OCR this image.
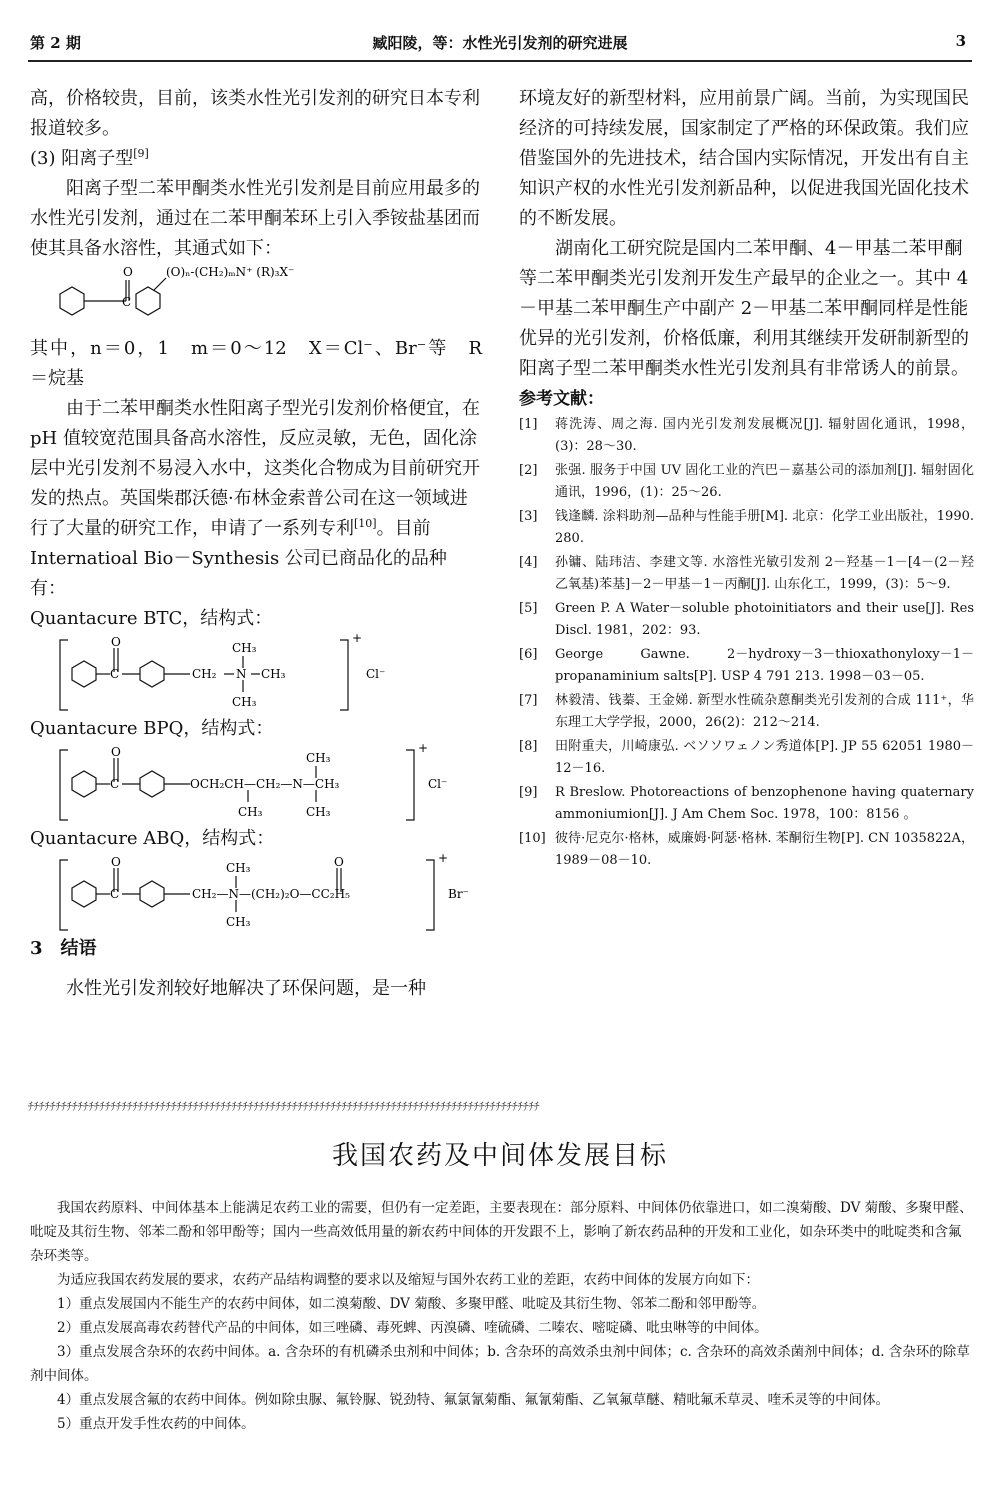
第 2 期	臧阳陵，等：水性光引发剂的研究进展	3

高，价格较贵，目前，该类水性光引发剂的研究日本专利报道较多。

(3) 阳离子型[9]

阳离子型二苯甲酮类水性光引发剂是目前应用最多的水性光引发剂，通过在二苯甲酮苯环上引入季铵盐基团而使其具备水溶性，其通式如下：

O
C
(O)ₙ⁠-⁠(CH₂)ₘN⁺ (R)₃X⁻

其中，n＝0，1　m＝0～12　X＝Cl⁻、Br⁻等　R

＝烷基

由于二苯甲酮类水性阳离子型光引发剂价格便宜，在 pH 值较宽范围具备高水溶性，反应灵敏，无色，固化涂层中光引发剂不易浸入水中，这类化合物成为目前研究开发的热点。英国柴郡沃德·布林金索普公司在这一领域进行了大量的研究工作，申请了一系列专利[10]。目前 Internatioal Bio－Synthesis 公司已商品化的品种有：

Quantacure BTC，结构式：

O
C	CH₂ N
CH₃
CH₃
CH₃
+
Cl⁻

Quantacure BPQ，结构式：

O
C	OCH₂CH—CH₂—N—CH₃
CH₃
CH₃	CH₃
+
Cl⁻

Quantacure ABQ，结构式：

O
C	CH₂—N—(CH₂)₂O—CC₂H₅
O
CH₃
CH₃
+
Br⁻

3　 结语

水性光引发剂较好地解决了环保问题，是一种

环境友好的新型材料，应用前景广阔。当前，为实现国民经济的可持续发展，国家制定了严格的环保政策。我们应借鉴国外的先进技术，结合国内实际情况，开发出有自主知识产权的水性光引发剂新品种，以促进我国光固化技术的不断发展。

湖南化工研究院是国内二苯甲酮、4－甲基二苯甲酮等二苯甲酮类光引发剂开发生产最早的企业之一。其中 4－甲基二苯甲酮生产中副产 2－甲基二苯甲酮同样是性能优异的光引发剂，价格低廉，利用其继续开发研制新型的阳离子型二苯甲酮类水性光引发剂具有非常诱人的前景。

参考文献：

[1]	蒋洗涛、周之海. 国内光引发剂发展概况[J]. 辐射固化通讯，1998，(3)：28～30.
[2]	张强. 服务于中国 UV 固化工业的汽巴－嘉基公司的添加剂[J]. 辐射固化通讯，1996，(1)：25～26.
[3]	钱逢麟. 涂料助剂—品种与性能手册[M]. 北京：化学工业出版社，1990. 280.
[4]	孙镛、陆玮洁、李建文等. 水溶性光敏引发剂 2－羟基－1－[4－(2－羟乙氧基)苯基]－2－甲基－1－丙酮[J]. 山东化工，1999，(3)：5～9.
[5]	Green P. A Water－soluble photoinitiators and their use[J]. Res Discl. 1981，202：93.
[6]	George Gawne. 2－hydroxy－3－thioxathonyloxy－1－propanaminium salts[P]. USP 4 791 213. 1998－03－05.
[7]	林毅清、钱蓁、王金娣. 新型水性硫杂蒽酮类光引发剂的合成 111⁺，华东理工大学学报，2000，26(2)：212～214.
[8]	田附重夫，川崎康弘. ベソソワェノン秀道体[P]. JP 55 62051 1980－12－16.
[9]	R Breslow. Photoreactions of benzophenone having quaternary ammoniumion[J]. J Am Chem Soc. 1978，100：8156 。
[10] 彼待·尼克尔·格林，威廉姆·阿瑟·格林. 苯酮衍生物[P]. CN 1035822A，1989－08－10.
ﾁﾁﾁﾁﾁﾁﾁﾁﾁﾁﾁﾁﾁﾁﾁﾁﾁﾁﾁﾁﾁﾁﾁﾁﾁﾁﾁﾁﾁﾁﾁﾁﾁﾁﾁﾁﾁﾁﾁﾁﾁﾁﾁﾁﾁﾁﾁﾁﾁﾁﾁﾁﾁﾁﾁﾁﾁﾁﾁﾁﾁﾁﾁﾁﾁﾁﾁﾁﾁﾁﾁﾁﾁﾁﾁﾁﾁﾁﾁﾁﾁﾁﾁﾁﾁﾁﾁﾁﾁﾁﾁﾁﾁ
我国农药及中间体发展目标

我国农药原料、中间体基本上能满足农药工业的需要，但仍有一定差距，主要表现在：部分原料、中间体仍依靠进口，如二溴菊酸、DV 菊酸、多聚甲醛、吡啶及其衍生物、邻苯二酚和邻甲酚等；国内一些高效低用量的新农药中间体的开发跟不上，影响了新农药品种的开发和工业化，如杂环类中的吡啶类和含氟杂环类等。

为适应我国农药发展的要求，农药产品结构调整的要求以及缩短与国外农药工业的差距，农药中间体的发展方向如下：

1）重点发展国内不能生产的农药中间体，如二溴菊酸、DV 菊酸、多聚甲醛、吡啶及其衍生物、邻苯二酚和邻甲酚等。

2）重点发展高毒农药替代产品的中间体，如三唑磷、毒死蜱、丙溴磷、喹硫磷、二嗪农、嘧啶磷、吡虫啉等的中间体。

3）重点发展含杂环的农药中间体。a. 含杂环的有机磷杀虫剂和中间体；b. 含杂环的高效杀虫剂中间体；c. 含杂环的高效杀菌剂中间体；d. 含杂环的除草剂中间体。

4）重点发展含氟的农药中间体。例如除虫脲、氟铃脲、锐劲特、氟氯氰菊酯、氟氰菊酯、乙氧氟草醚、精吡氟禾草灵、喹禾灵等的中间体。

5）重点开发手性农药的中间体。
